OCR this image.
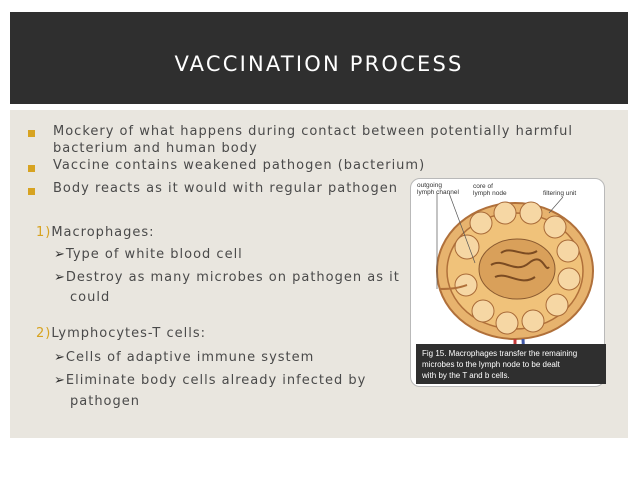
VACCINATION PROCESS
Mockery of what happens during contact between potentially harmful
bacterium and human body
Vaccine contains weakened pathogen (bacterium)
Body reacts as it would with regular pathogen
1)Macrophages:
➢Type of white blood cell
➢Destroy as many microbes on pathogen as it
could
2)Lymphocytes-T cells:
➢Cells of adaptive immune system
➢Eliminate body cells already infected by
pathogen
outgoing
lymph channel
core of
lymph node	filtering unit
Fig 15. Macrophages transfer the remaining
microbes to the lymph node to be dealt
with by the T and b cells.
